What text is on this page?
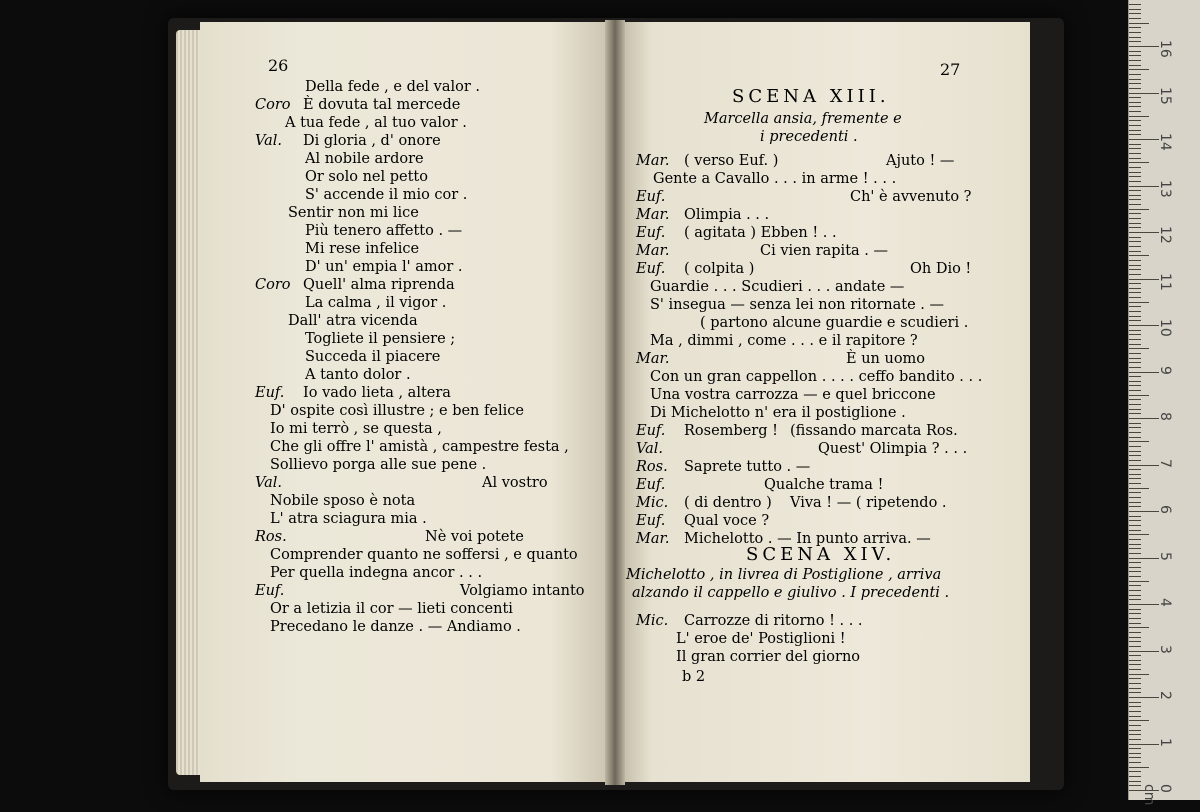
26
Della fede , e del valor .
Coro È dovuta tal mercede
A tua fede , al tuo valor .
Val. Di gloria , d' onore
Al nobile ardore
Or solo nel petto
S' accende il mio cor .
Sentir non mi lice
Più tenero affetto . —
Mi rese infelice
D' un' empia l' amor .
Coro Quell' alma riprenda
La calma , il vigor .
Dall' atra vicenda
Togliete il pensiere ;
Succeda il piacere
A tanto dolor .
Euf. Io vado lieta , altera
D' ospite così illustre ; e ben felice
Io mi terrò , se questa ,
Che gli offre l' amistà , campestre festa ,
Sollievo porga alle sue pene .
Val.	Al vostro
Nobile sposo è nota
L' atra sciagura mia .
Ros.	Nè voi potete
Comprender quanto ne soffersi , e quanto
Per quella indegna ancor . . .
Euf.	Volgiamo intanto
Or a letizia il cor — lieti concenti
Precedano le danze . — Andiamo .
27
SCENA XIII.
Marcella ansia, fremente e
i precedenti .
SCENA XIV.
Michelotto , in livrea di Postiglione , arriva
alzando il cappello e giulivo . I precedenti .
Mar. ( verso Euf. )	Ajuto ! —
Gente a Cavallo . . . in arme ! . . .
Euf.	Ch' è avvenuto ?
Mar. Olimpia . . .
Euf. ( agitata ) Ebben ! . .
Mar.	Ci vien rapita . —
Euf. ( colpita )	Oh Dio !
Guardie . . . Scudieri . . . andate —
S' insegua — senza lei non ritornate . —
( partono alcune guardie e scudieri .
Ma , dimmi , come . . . e il rapitore ?
Mar.	È un uomo
Con un gran cappellon . . . . ceffo bandito . . .
Una vostra carrozza — e quel briccone
Di Michelotto n' era il postiglione .
Euf. Rosemberg ! (fissando marcata Ros.
Val.	Quest' Olimpia ? . . .
Ros. Saprete tutto . —
Euf.	Qualche trama !
Mic. ( di dentro ) Viva ! — ( ripetendo .
Euf. Qual voce ?
Mar. Michelotto . — In punto arriva. —
Mic. Carrozze di ritorno ! . . .
L' eroe de' Postiglioni !
Il gran corrier del giorno
b 2
0 cm
1
2
3
4
5
6
7
8
9
10
11
12
13
14
15
16
